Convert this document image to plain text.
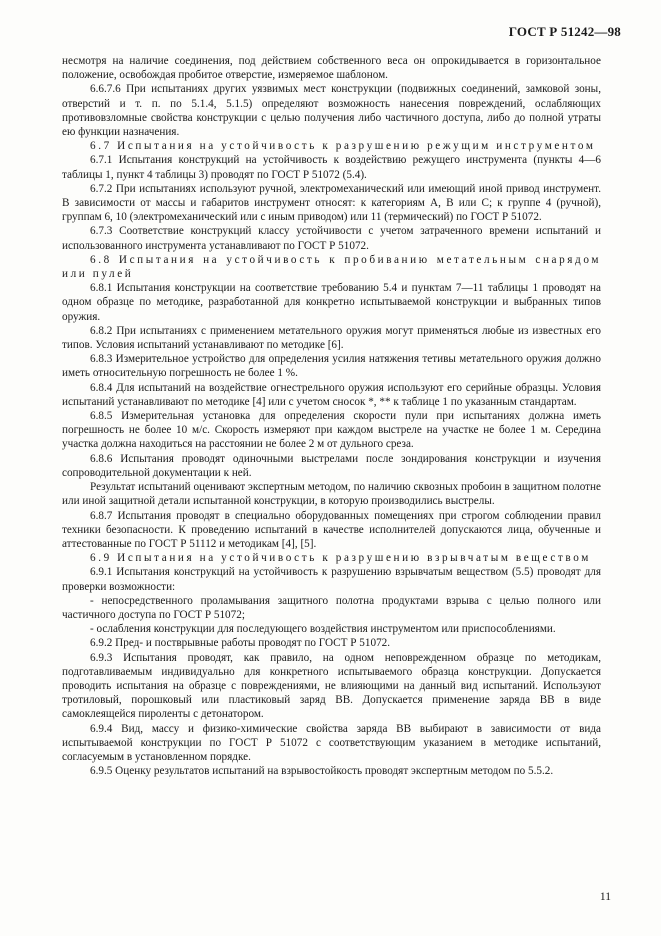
ГОСТ Р 51242—98

несмотря на наличие соединения, под действием собственного веса он опрокидывается в горизонтальное положение, освобождая пробитое отверстие, измеряемое шаблоном.

6.6.7.6 При испытаниях других уязвимых мест конструкции (подвижных соединений, замковой зоны, отверстий и т. п. по 5.1.4, 5.1.5) определяют возможность нанесения повреждений, ослабляющих противовзломные свойства конструкции с целью получения либо частичного доступа, либо до полной утраты ею функции назначения.

6.7 Испытания на устойчивость к разрушению режущим инструментом

6.7.1 Испытания конструкций на устойчивость к воздействию режущего инструмента (пункты 4—6 таблицы 1, пункт 4 таблицы 3) проводят по ГОСТ Р 51072 (5.4).

6.7.2 При испытаниях используют ручной, электромеханический или имеющий иной привод инструмент. В зависимости от массы и габаритов инструмент относят: к категориям А, В или С; к группе 4 (ручной), группам 6, 10 (электромеханический или с иным приводом) или 11 (термический) по ГОСТ Р 51072.

6.7.3 Соответствие конструкций классу устойчивости с учетом затраченного времени испытаний и использованного инструмента устанавливают по ГОСТ Р 51072.

6.8 Испытания на устойчивость к пробиванию метательным снарядом или пулей

6.8.1 Испытания конструкции на соответствие требованию 5.4 и пунктам 7—11 таблицы 1 проводят на одном образце по методике, разработанной для конкретно испытываемой конструкции и выбранных типов оружия.

6.8.2 При испытаниях с применением метательного оружия могут применяться любые из известных его типов. Условия испытаний устанавливают по методике [6].

6.8.3 Измерительное устройство для определения усилия натяжения тетивы метательного оружия должно иметь относительную погрешность не более 1 %.

6.8.4 Для испытаний на воздействие огнестрельного оружия используют его серийные образцы. Условия испытаний устанавливают по методике [4] или с учетом сносок *, ** к таблице 1 по указанным стандартам.

6.8.5 Измерительная установка для определения скорости пули при испытаниях должна иметь погрешность не более 10 м/с. Скорость измеряют при каждом выстреле на участке не более 1 м. Середина участка должна находиться на расстоянии не более 2 м от дульного среза.

6.8.6 Испытания проводят одиночными выстрелами после зондирования конструкции и изучения сопроводительной документации к ней.

Результат испытаний оценивают экспертным методом, по наличию сквозных пробоин в защитном полотне или иной защитной детали испытанной конструкции, в которую производились выстрелы.

6.8.7 Испытания проводят в специально оборудованных помещениях при строгом соблюдении правил техники безопасности. К проведению испытаний в качестве исполнителей допускаются лица, обученные и аттестованные по ГОСТ Р 51112 и методикам [4], [5].

6.9 Испытания на устойчивость к разрушению взрывчатым веществом

6.9.1 Испытания конструкций на устойчивость к разрушению взрывчатым веществом (5.5) проводят для проверки возможности:

- непосредственного проламывания защитного полотна продуктами взрыва с целью полного или частичного доступа по ГОСТ Р 51072;

- ослабления конструкции для последующего воздействия инструментом или приспособлениями.

6.9.2 Пред- и постврывные работы проводят по ГОСТ Р 51072.

6.9.3 Испытания проводят, как правило, на одном неповрежденном образце по методикам, подготавливаемым индивидуально для конкретного испытываемого образца конструкции. Допускается проводить испытания на образце с повреждениями, не влияющими на данный вид испытаний. Используют тротиловый, порошковый или пластиковый заряд ВВ. Допускается применение заряда ВВ в виде самоклеящейся пироленты с детонатором.

6.9.4 Вид, массу и физико-химические свойства заряда ВВ выбирают в зависимости от вида испытываемой конструкции по ГОСТ Р 51072 с соответствующим указанием в методике испытаний, согласуемым в установленном порядке.

6.9.5 Оценку результатов испытаний на взрывостойкость проводят экспертным методом по 5.5.2.

11
